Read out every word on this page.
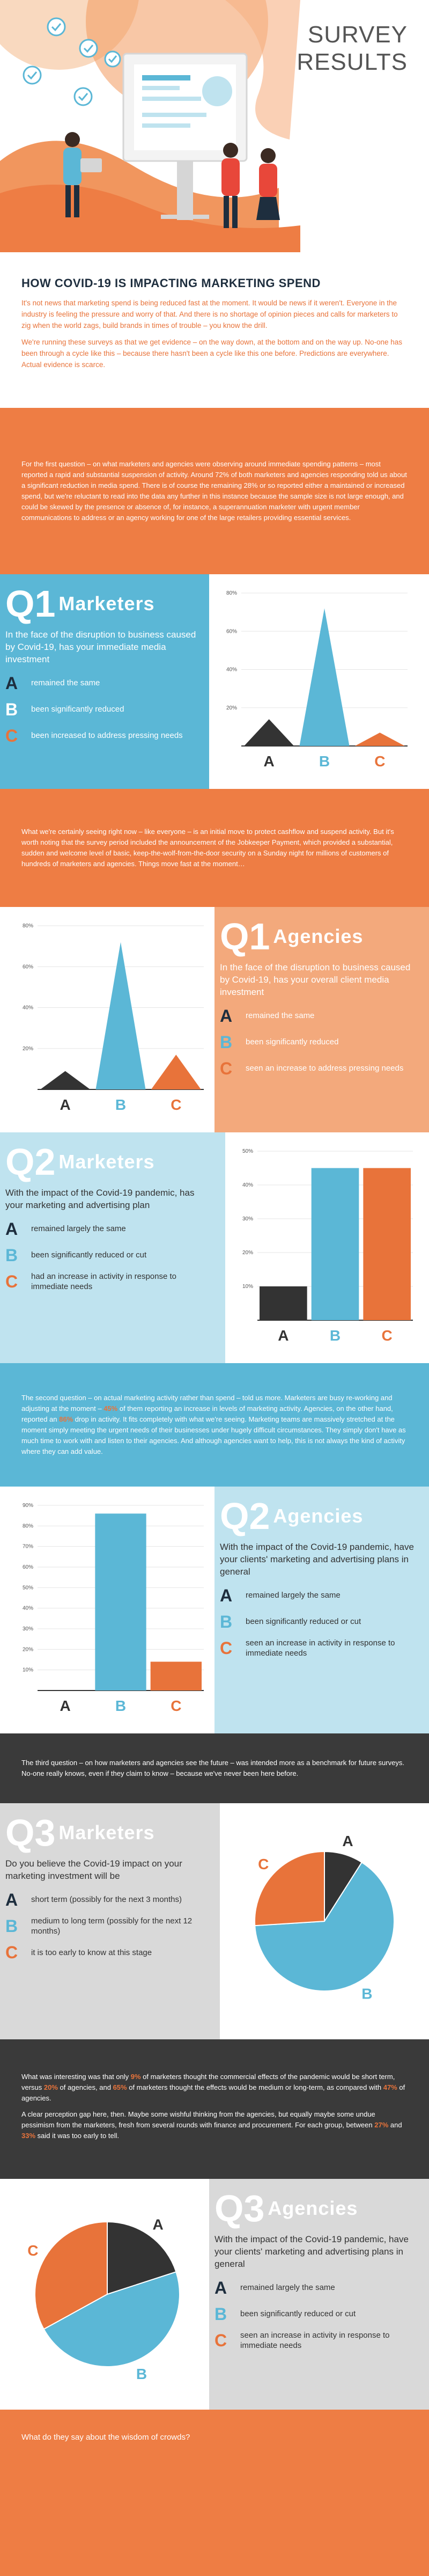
SURVEY
RESULTS
HOW COVID-19 IS IMPACTING MARKETING SPEND

It's not news that marketing spend is being reduced fast at the moment. It would be news if it weren't. Everyone in the industry is feeling the pressure and worry of that. And there is no shortage of opinion pieces and calls for marketers to zig when the world zags, build brands in times of trouble – you know the drill.

We're running these surveys as that we get evidence – on the way down, at the bottom and on the way up. No-one has been through a cycle like this – because there hasn't been a cycle like this one before. Predictions are everywhere. Actual evidence is scarce.

For the first question – on what marketers and agencies were observing around immediate spending patterns – most reported a rapid and substantial suspension of activity. Around 72% of both marketers and agencies responding told us about a significant reduction in media spend. There is of course the remaining 28% or so reported either a maintained or increased spend, but we're reluctant to read into the data any further in this instance because the sample size is not large enough, and could be skewed by the presence or absence of, for instance, a superannuation marketer with urgent member communications to address or an agency working for one of the large retailers providing essential services.
Q1 Marketers
In the face of the disruption to business caused by Covid-19, has your immediate media investment
A	remained the same
B	been significantly reduced
C	been increased to address pressing needs
20%
40%
60%
80%
A	B	C
What we're certainly seeing right now – like everyone – is an initial move to protect cashflow and suspend activity. But it's worth noting that the survey period included the announcement of the Jobkeeper Payment, which provided a substantial, sudden and welcome level of basic, keep-the-wolf-from-the-door security on a Sunday night for millions of customers of hundreds of marketers and agencies. Things move fast at the moment…
20%
40%
60%
80%
A	B	C
Q1 Agencies
In the face of the disruption to business caused by Covid-19, has your overall client media investment
A	remained the same
B	been significantly reduced
C	seen an increase to address pressing needs
Q2 Marketers
With the impact of the Covid-19 pandemic, has your marketing and advertising plan
A	remained largely the same
B	been significantly reduced or cut
C	had an increase in activity in response to immediate needs	10%
20%
30%
40%
50%
A	B	C
The second question – on actual marketing activity rather than spend – told us more. Marketers are busy re-working and adjusting at the moment – 45% of them reporting an increase in levels of marketing activity. Agencies, on the other hand, reported an 86% drop in activity. It fits completely with what we're seeing. Marketing teams are massively stretched at the moment simply meeting the urgent needs of their businesses under hugely difficult circumstances. They simply don't have as much time to work with and listen to their agencies. And although agencies want to help, this is not always the kind of activity where they can add value.
10%
20%
30%
40%
50%
60%
70%
80%
90%
A	B	C
Q2 Agencies
With the impact of the Covid-19 pandemic, have your clients' marketing and advertising plans in general
A	remained largely the same
B	been significantly reduced or cut
C	seen an increase in activity in response to immediate needs
The third question – on how marketers and agencies see the future – was intended more as a benchmark for future surveys. No-one really knows, even if they claim to know – because we've never been here before.
Q3 Marketers
Do you believe the Covid-19 impact on your marketing investment will be
A	short term (possibly for the next 3 months)
B	medium to long term (possibly for the next 12 months)
C	it is too early to know at this stage
A
B
C

What was interesting was that only 9% of marketers thought the commercial effects of the pandemic would be short term, versus 20% of agencies, and 65% of marketers thought the effects would be medium or long-term, as compared with 47% of agencies.

A clear perception gap here, then. Maybe some wishful thinking from the agencies, but equally maybe some undue pessimism from the marketers, fresh from several rounds with finance and procurement. For each group, between 27% and 33% said it was too early to tell.

A
B
C
Q3 Agencies
With the impact of the Covid-19 pandemic, have your clients' marketing and advertising plans in general
A	remained largely the same
B	been significantly reduced or cut
C	seen an increase in activity in response to immediate needs
What do they say about the wisdom of crowds?
